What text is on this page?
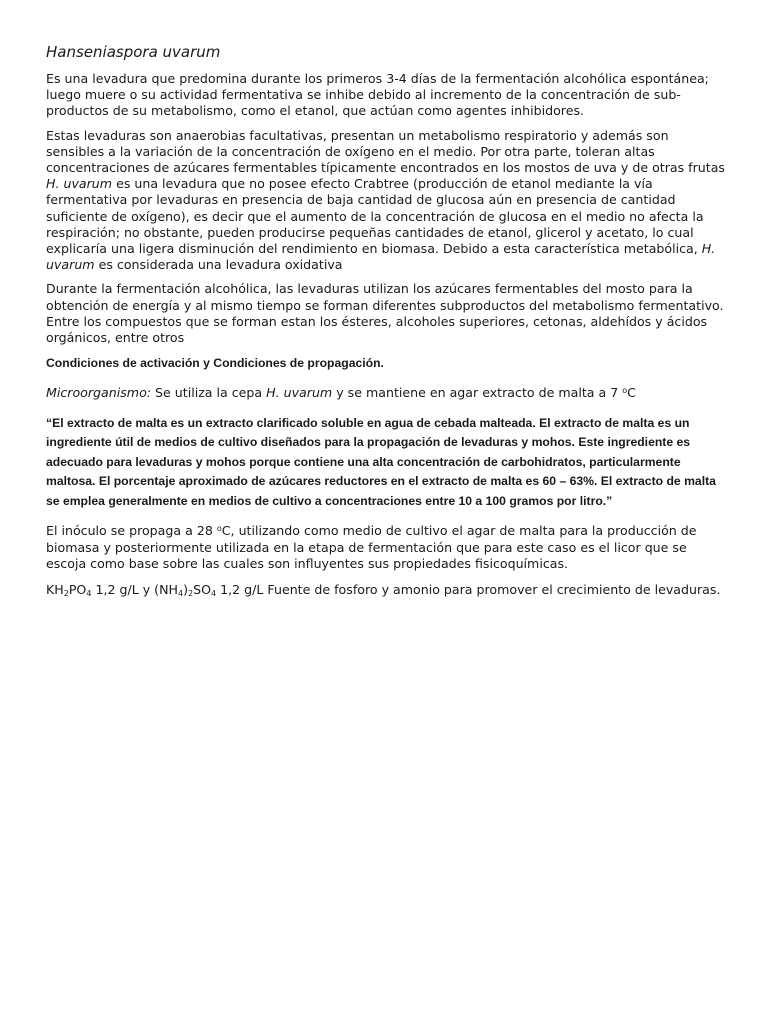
Hanseniaspora uvarum

Es una levadura que predomina durante los primeros 3-4 días de la fermentación alcohólica espontánea; luego muere o su actividad fermentativa se inhibe debido al incremento de la concentración de sub-productos de su metabolismo, como el etanol, que actúan como agentes inhibidores.

Estas levaduras son anaerobias facultativas, presentan un metabolismo respiratorio y además son sensibles a la variación de la concentración de oxígeno en el medio. Por otra parte, toleran altas concentraciones de azúcares fermentables típicamente encontrados en los mostos de uva y de otras frutas H. uvarum es una levadura que no posee efecto Crabtree (producción de etanol mediante la vía fermentativa por levaduras en presencia de baja cantidad de glucosa aún en presencia de cantidad suficiente de oxígeno), es decir que el aumento de la concentración de glucosa en el medio no afecta la respiración; no obstante, pueden producirse pequeñas cantidades de etanol, glicerol y acetato, lo cual explicaría una ligera disminución del rendimiento en biomasa. Debido a esta característica metabólica, H. uvarum es considerada una levadura oxidativa

Durante la fermentación alcohólica, las levaduras utilizan los azúcares fermentables del mosto para la obtención de energía y al mismo tiempo se forman diferentes subproductos del metabolismo fermentativo. Entre los compuestos que se forman estan los ésteres, alcoholes superiores, cetonas, aldehídos y ácidos orgánicos, entre otros

Condiciones de activación y Condiciones de propagación.

Microorganismo: Se utiliza la cepa H. uvarum y se mantiene en agar extracto de malta a 7 $^o$C

“El extracto de malta es un extracto clarificado soluble en agua de cebada malteada. El extracto de malta es un ingrediente útil de medios de cultivo diseñados para la propagación de levaduras y mohos. Este ingrediente es adecuado para levaduras y mohos porque contiene una alta concentración de carbohidratos, particularmente maltosa. El porcentaje aproximado de azúcares reductores en el extracto de malta es 60 – 63%. El extracto de malta se emplea generalmente en medios de cultivo a concentraciones entre 10 a 100 gramos por litro.”

El inóculo se propaga a 28 $^o$C, utilizando como medio de cultivo el agar de malta para la producción de biomasa y posteriormente utilizada en la etapa de fermentación que para este caso es el licor que se escoja como base sobre las cuales son influyentes sus propiedades fisicoquímicas.

$KH_2PO_4$ 1,2 g/L y $(NH_4)_2SO_4$ 1,2 g/L Fuente de fosforo y amonio para promover el crecimiento de levaduras.
